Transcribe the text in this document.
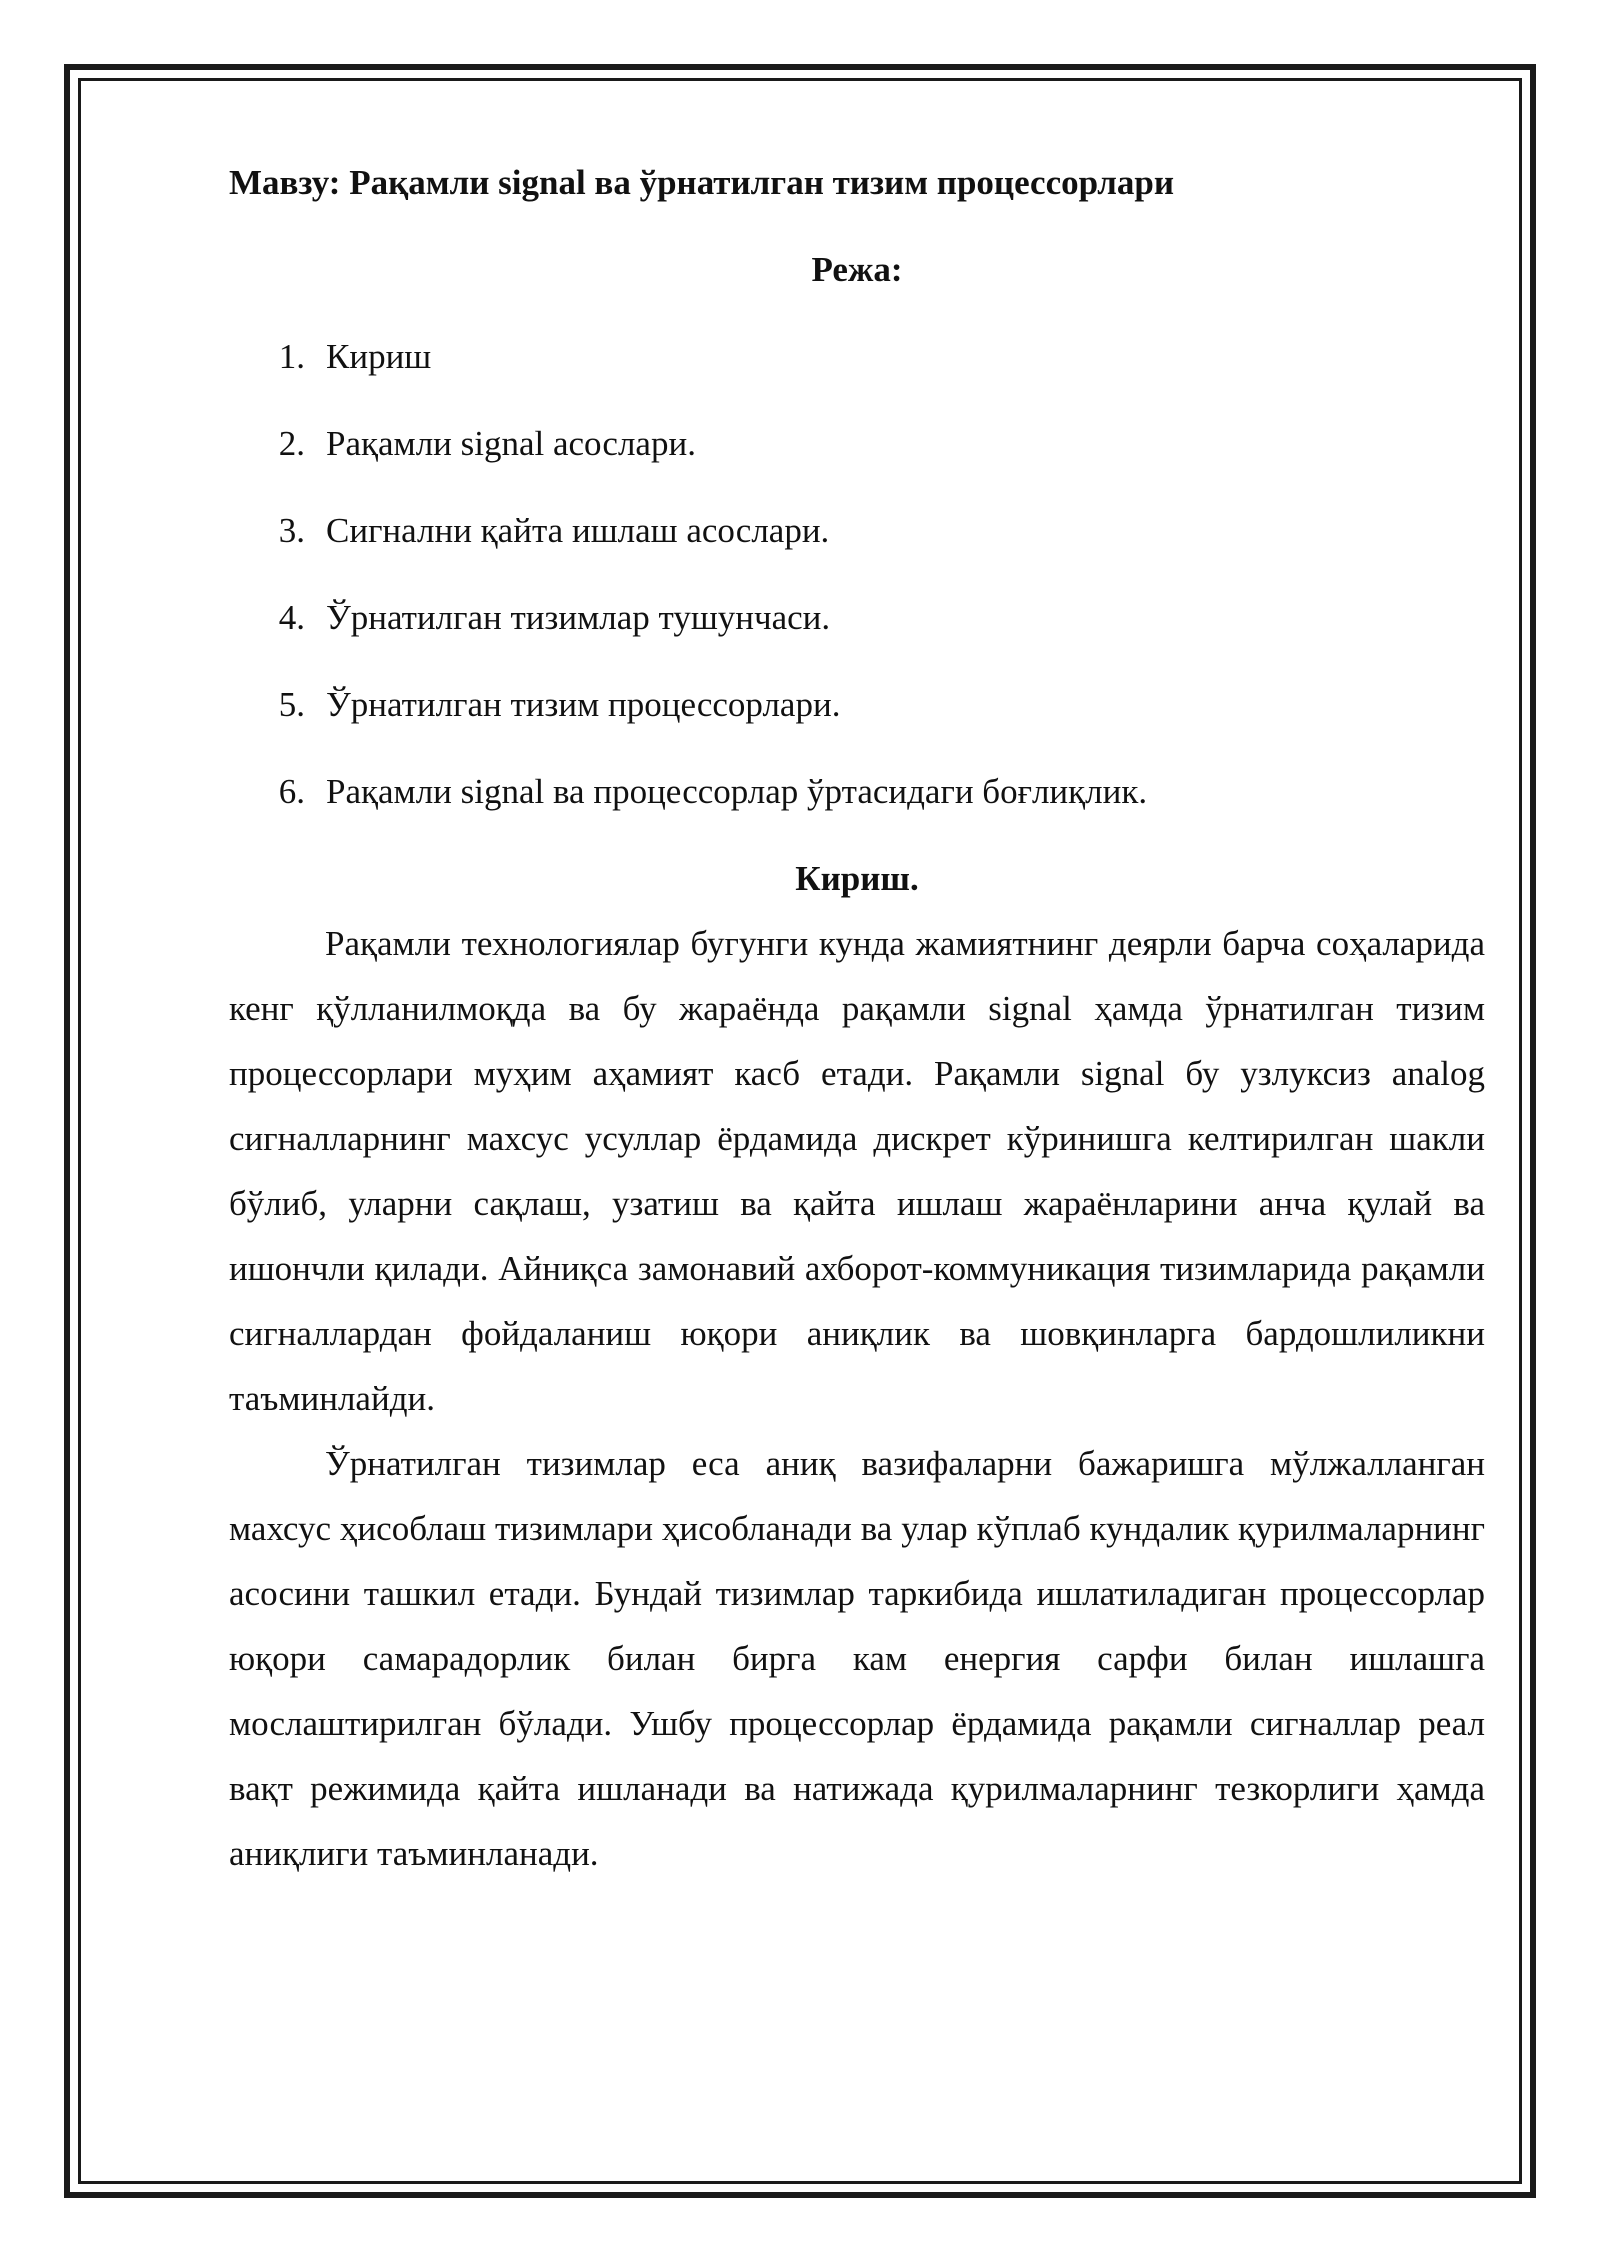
Мавзу: Рақамли signal ва ўрнатилган тизим процессорлари

Режа:

1. Кириш
2. Рақамли signal асослари.
3. Сигнални қайта ишлаш асослари.
4. Ўрнатилган тизимлар тушунчаси.
5. Ўрнатилган тизим процессорлари.
6. Рақамли signal ва процессорлар ўртасидаги боғлиқлик.

Кириш.

Рақамли технологиялар бугунги кунда жамиятнинг деярли барча соҳаларида кенг қўлланилмоқда ва бу жараёнда рақамли signal ҳамда ўрнатилган тизим процессорлари муҳим аҳамият касб етади. Рақамли signal бу узлуксиз analog сигналларнинг махсус усуллар ёрдамида дискрет кўринишга келтирилган шакли бўлиб, уларни сақлаш, узатиш ва қайта ишлаш жараёнларини анча қулай ва ишончли қилади. Айниқса замонавий ахборот-коммуникация тизимларида рақамли сигналлардан фойдаланиш юқори аниқлик ва шовқинларга бардошлиликни таъминлайди.

Ўрнатилган тизимлар еса аниқ вазифаларни бажаришга мўлжалланган махсус ҳисоблаш тизимлари ҳисобланади ва улар кўплаб кундалик қурилмаларнинг асосини ташкил етади. Бундай тизимлар таркибида ишлатиладиган процессорлар юқори самарадорлик билан бирга кам енергия сарфи билан ишлашга мослаштирилган бўлади. Ушбу процессорлар ёрдамида рақамли сигналлар реал вақт режимида қайта ишланади ва натижада қурилмаларнинг тезкорлиги ҳамда аниқлиги таъминланади.
